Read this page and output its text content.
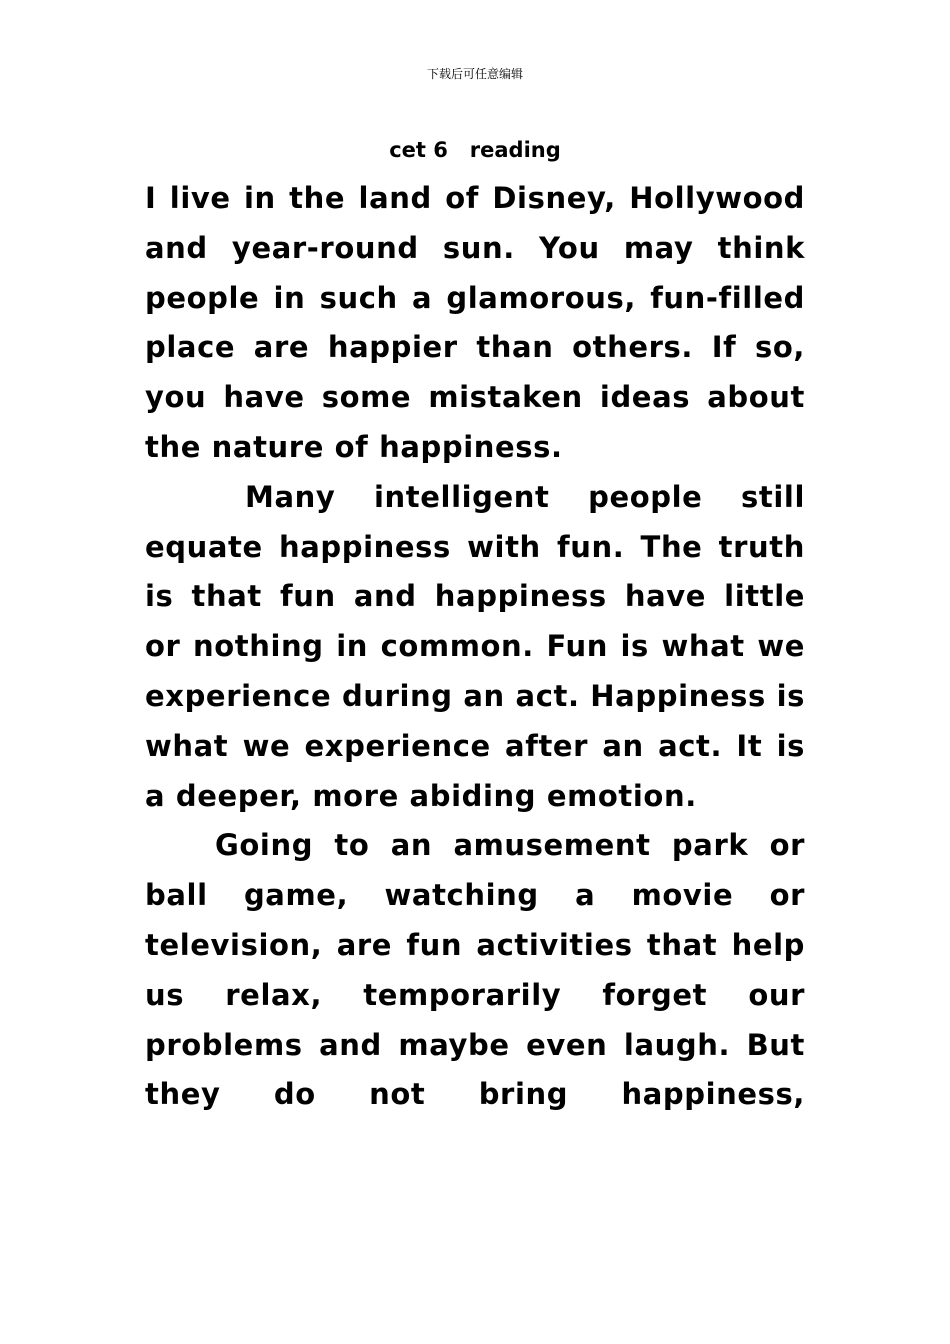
下载后可任意编辑
cet 6   reading

I live in the land of Disney, Hollywood and year-round sun. You may think people in such a glamorous, fun-filled place are happier than others. If so, you have some mistaken ideas about the nature of happiness.

Many intelligent people still equate happiness with fun. The truth is that fun and happiness have little or nothing in common. Fun is what we experience during an act. Happiness is what we experience after an act. It is a deeper, more abiding emotion.

Going to an amusement park or ball game, watching a movie or television, are fun activities that help us relax, temporarily forget our problems and maybe even laugh. But they do not bring happiness,
